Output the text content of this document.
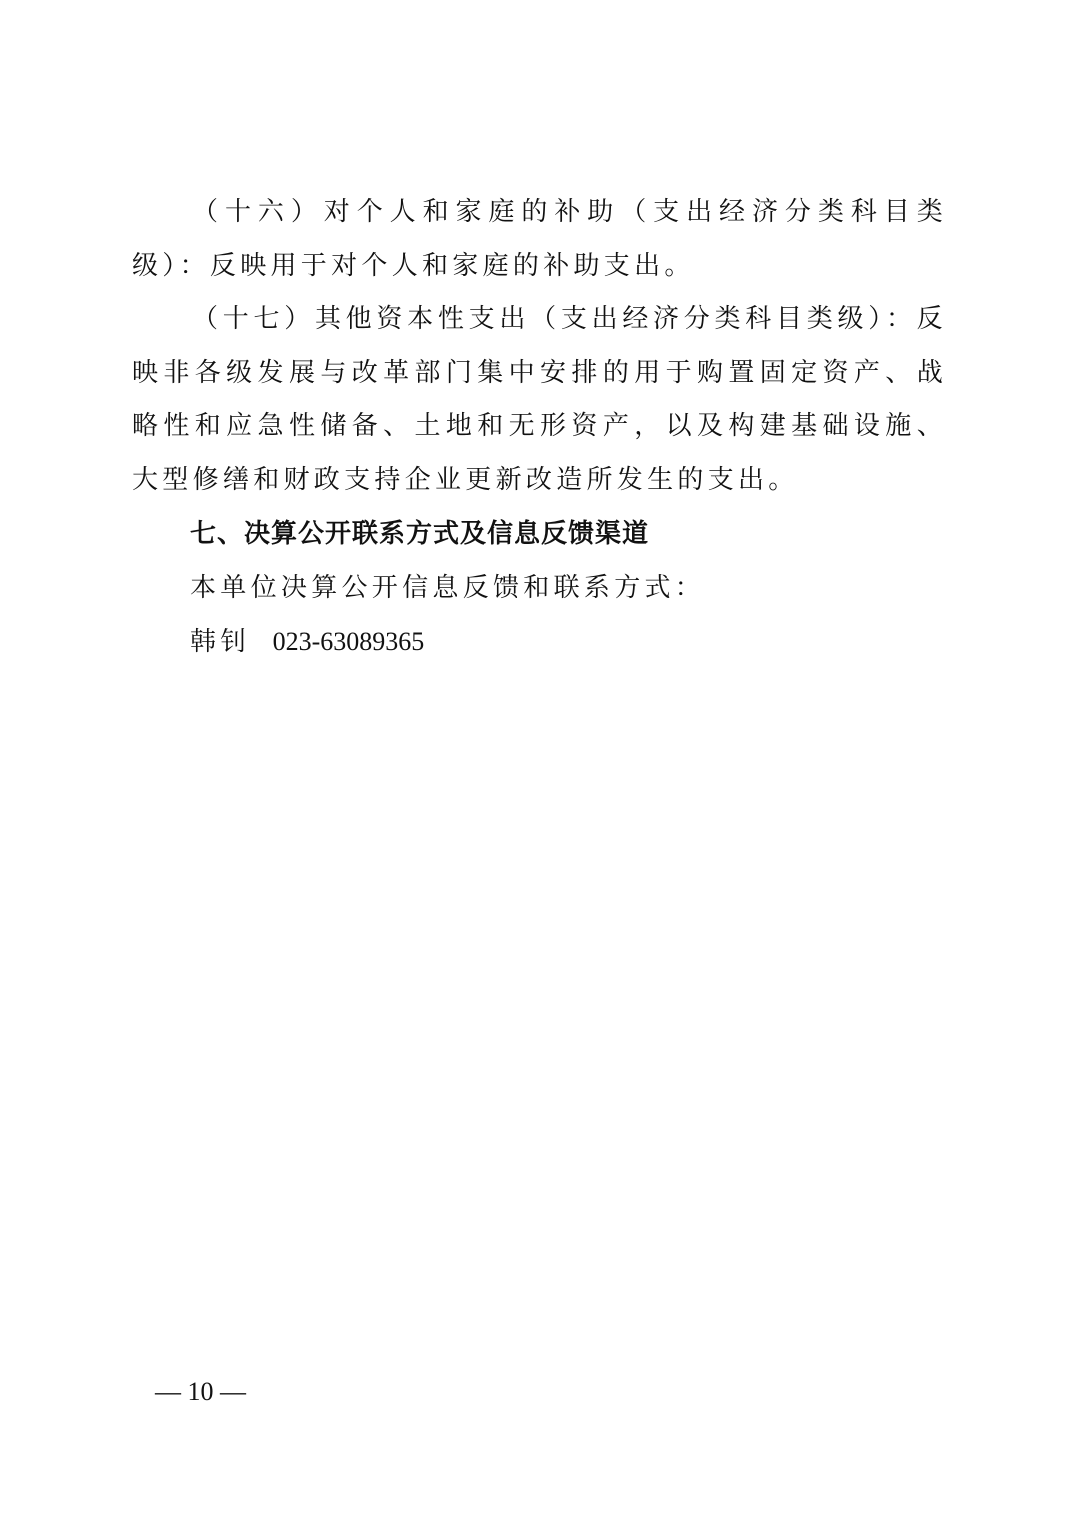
（十六）对个人和家庭的补助（支出经济分类科目类级）：反映用于对个人和家庭的补助支出。

（十七）其他资本性支出（支出经济分类科目类级）：反映非各级发展与改革部门集中安排的用于购置固定资产、战略性和应急性储备、土地和无形资产，以及构建基础设施、大型修缮和财政支持企业更新改造所发生的支出。

七、决算公开联系方式及信息反馈渠道

本单位决算公开信息反馈和联系方式：

韩钊 023-63089365

— 10 —
